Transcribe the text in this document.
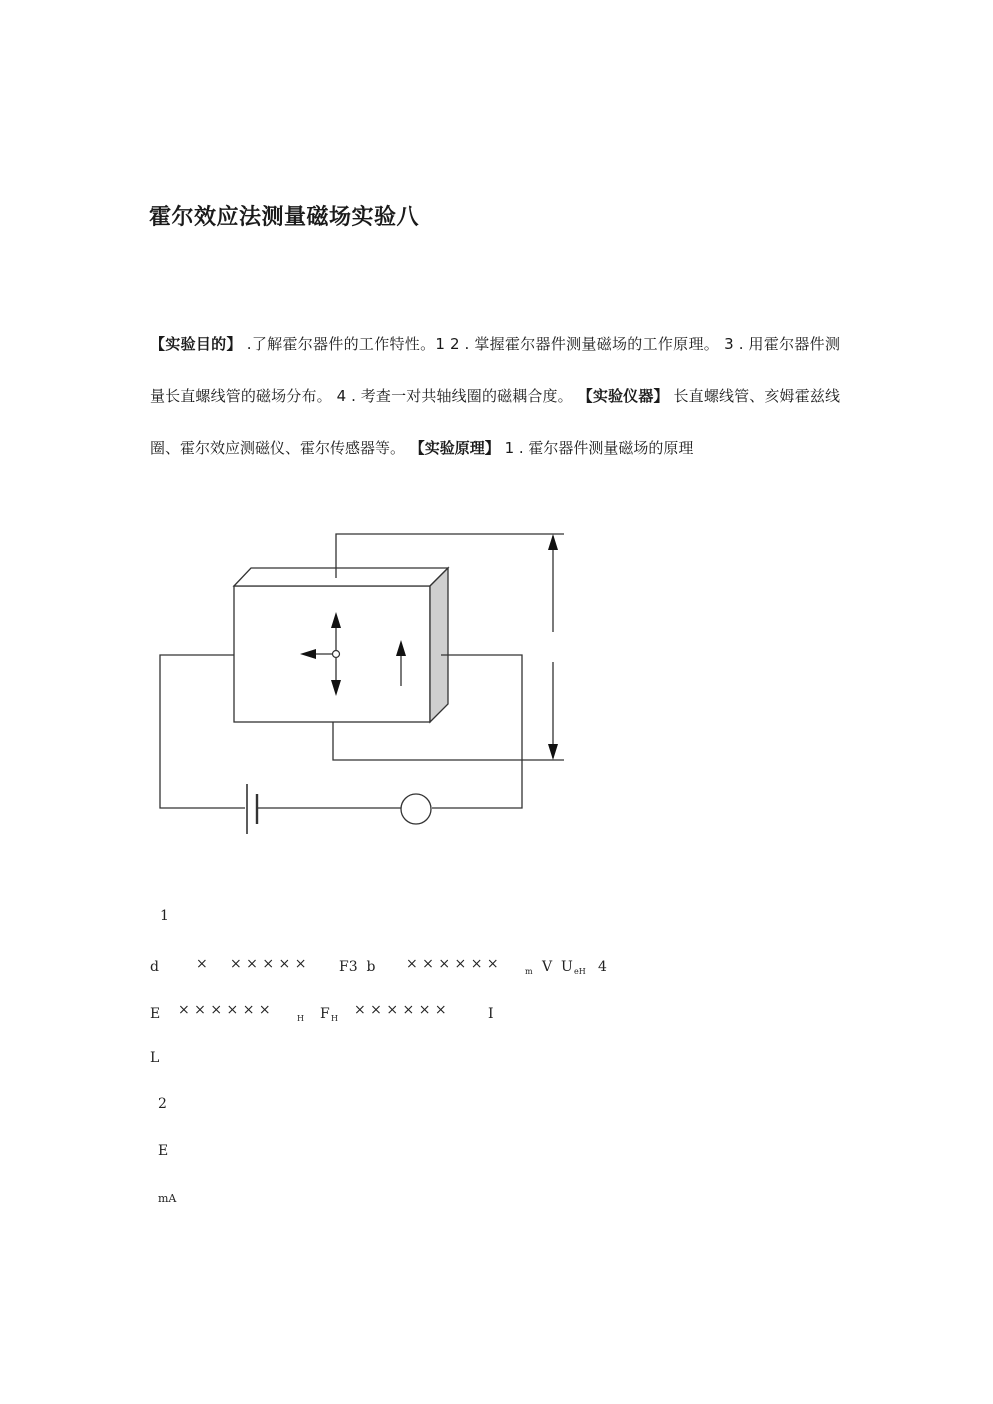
霍尔效应法测量磁场实验八
【实验目的】 .了解霍尔器件的工作特性。1 2 . 掌握霍尔器件测量磁场的工作原理。 3 . 用霍尔器件测量长直螺线管的磁场分布。 4 . 考查一对共轴线圈的磁耦合度。 【实验仪器】 长直螺线管、亥姆霍兹线圈、霍尔效应测磁仪、霍尔传感器等。 【实验原理】 1 . 霍尔器件测量磁场的原理
1
d	× × × × × × F3  b × × × × × ×	m V  U eH 4
E × × × × × ×
H F H
× × × × × ×	I
L
2
E
mA
